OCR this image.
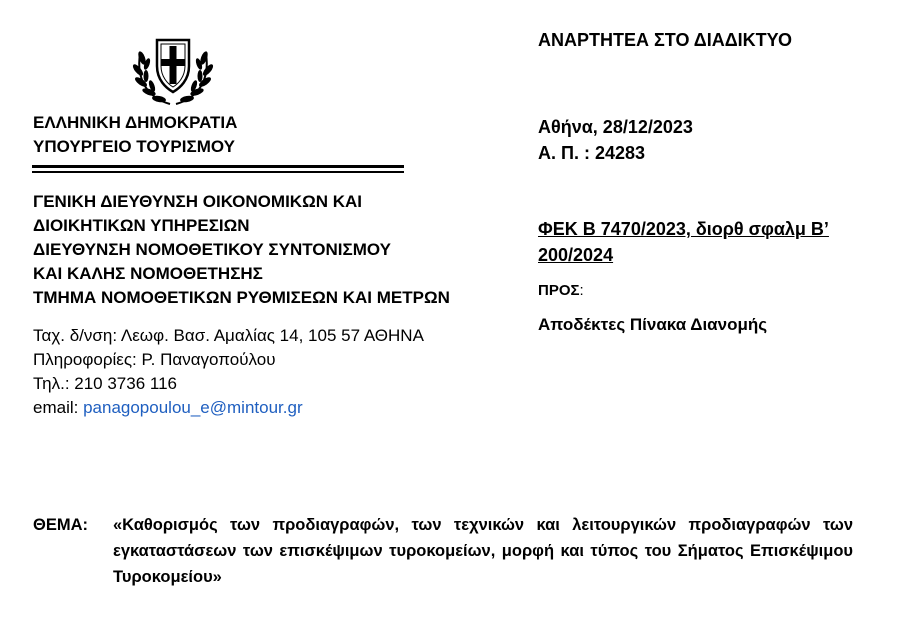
ΕΛΛΗΝΙΚΗ ΔΗΜΟΚΡΑΤΙΑ
ΥΠΟΥΡΓΕΙΟ ΤΟΥΡΙΣΜΟΥ
ΓΕΝΙΚΗ ΔΙΕΥΘΥΝΣΗ ΟΙΚΟΝΟΜΙΚΩΝ ΚΑΙ
ΔΙΟΙΚΗΤΙΚΩΝ ΥΠΗΡΕΣΙΩΝ
ΔΙΕΥΘΥΝΣΗ ΝΟΜΟΘΕΤΙΚΟΥ ΣΥΝΤΟΝΙΣΜΟΥ
ΚΑΙ ΚΑΛΗΣ ΝΟΜΟΘΕΤΗΣΗΣ
ΤΜΗΜΑ ΝΟΜΟΘΕΤΙΚΩΝ ΡΥΘΜΙΣΕΩΝ ΚΑΙ ΜΕΤΡΩΝ
Ταχ. δ/νση: Λεωφ. Βασ. Αμαλίας 14, 105 57 ΑΘΗΝΑ
Πληροφορίες: Ρ. Παναγοπούλου
Τηλ.: 210 3736 116
email: panagopoulou_e@mintour.gr
ΑΝΑΡΤΗΤΕΑ ΣΤΟ ΔΙΑΔΙΚΤΥΟ
Αθήνα, 28/12/2023
Α. Π. : 24283
ΦΕΚ Β 7470/2023, διορθ σφαλμ Β’
200/2024
ΠΡΟΣ:
Αποδέκτες Πίνακα Διανομής
ΘΕΜΑ: «Καθορισμός των προδιαγραφών, των τεχνικών και λειτουργικών προδιαγραφών των εγκαταστάσεων των επισκέψιμων τυροκομείων, μορφή και τύπος του Σήματος Επισκέψιμου Τυροκομείου»
